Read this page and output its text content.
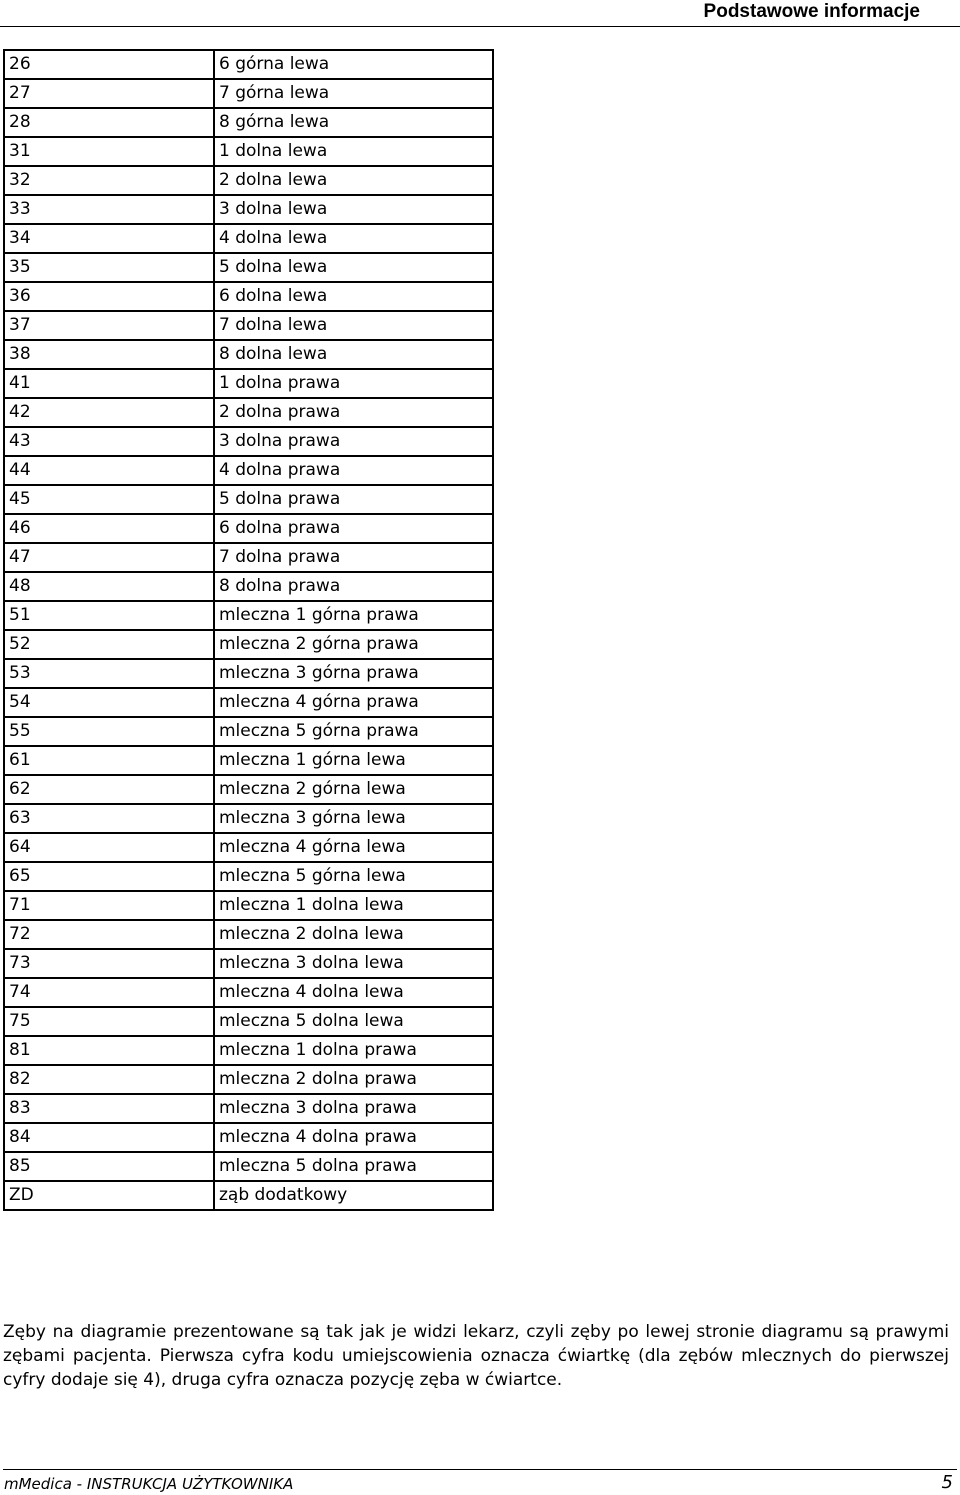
Podstawowe informacje
26	6 górna lewa
27	7 górna lewa
28	8 górna lewa
31	1 dolna lewa
32	2 dolna lewa
33	3 dolna lewa
34	4 dolna lewa
35	5 dolna lewa
36	6 dolna lewa
37	7 dolna lewa
38	8 dolna lewa
41	1 dolna prawa
42	2 dolna prawa
43	3 dolna prawa
44	4 dolna prawa
45	5 dolna prawa
46	6 dolna prawa
47	7 dolna prawa
48	8 dolna prawa
51	mleczna 1 górna prawa
52	mleczna 2 górna prawa
53	mleczna 3 górna prawa
54	mleczna 4 górna prawa
55	mleczna 5 górna prawa
61	mleczna 1 górna lewa
62	mleczna 2 górna lewa
63	mleczna 3 górna lewa
64	mleczna 4 górna lewa
65	mleczna 5 górna lewa
71	mleczna 1 dolna lewa
72	mleczna 2 dolna lewa
73	mleczna 3 dolna lewa
74	mleczna 4 dolna lewa
75	mleczna 5 dolna lewa
81	mleczna 1 dolna prawa
82	mleczna 2 dolna prawa
83	mleczna 3 dolna prawa
84	mleczna 4 dolna prawa
85	mleczna 5 dolna prawa
ZD	ząb dodatkowy
Zęby na diagramie prezentowane są tak jak je widzi lekarz, czyli zęby po lewej stronie diagramu są prawymi zębami pacjenta. Pierwsza cyfra kodu umiejscowienia oznacza ćwiartkę (dla zębów mlecznych do pierwszej cyfry dodaje się 4), druga cyfra oznacza pozycję zęba w ćwiartce.
mMedica - INSTRUKCJA UŻYTKOWNIKA	5
